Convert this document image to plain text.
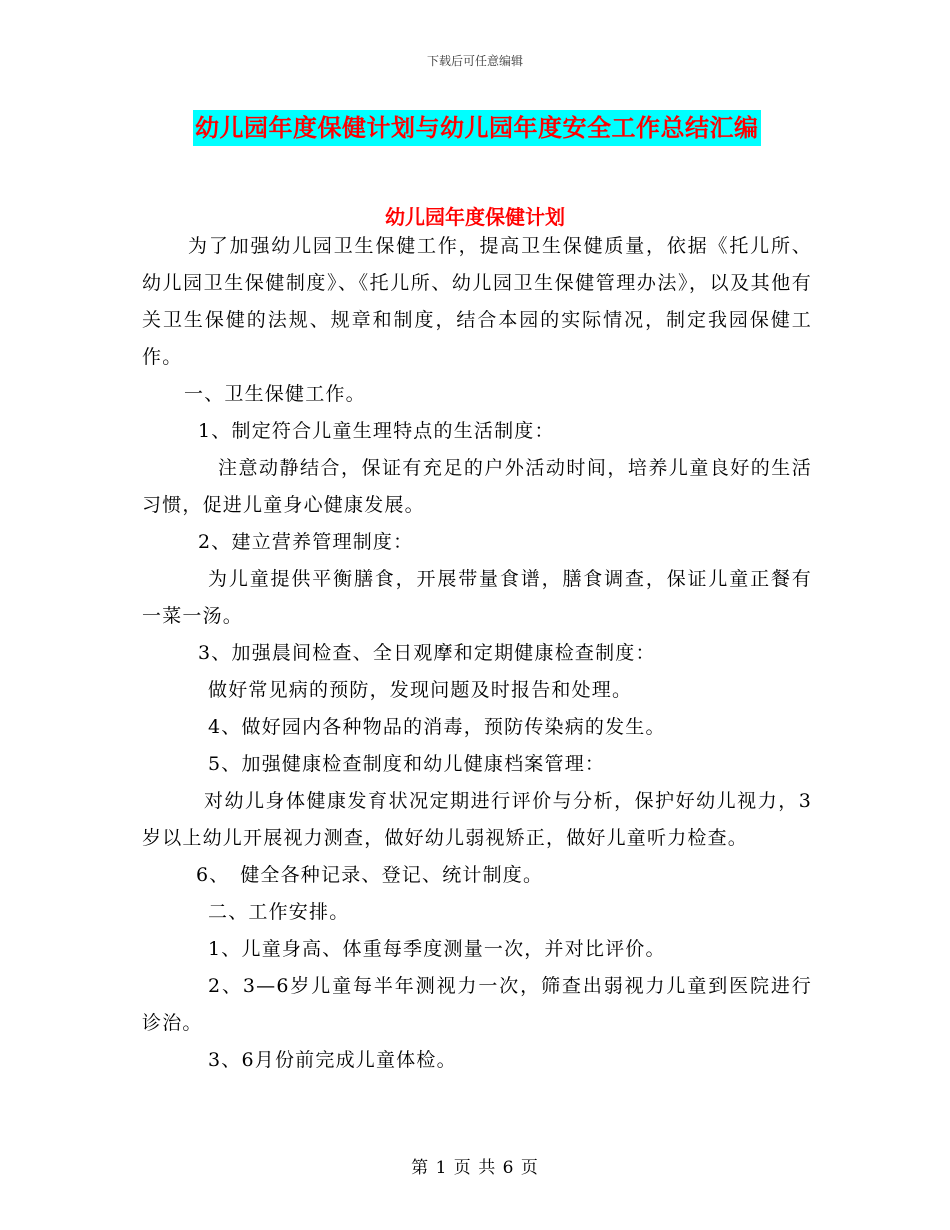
下载后可任意编辑
幼儿园年度保健计划与幼儿园年度安全工作总结汇编
幼儿园年度保健计划

为了加强幼儿园卫生保健工作，提高卫生保健质量，依据《托儿所、幼儿园卫生保健制度》、《托儿所、幼儿园卫生保健管理办法》，以及其他有关卫生保健的法规、规章和制度，结合本园的实际情况，制定我园保健工作。

一、卫生保健工作。

1、制定符合儿童生理特点的生活制度：

注意动静结合，保证有充足的户外活动时间，培养儿童良好的生活习惯，促进儿童身心健康发展。

2、建立营养管理制度：

为儿童提供平衡膳食，开展带量食谱，膳食调查，保证儿童正餐有一菜一汤。

3、加强晨间检查、全日观摩和定期健康检查制度：

做好常见病的预防，发现问题及时报告和处理。

4、做好园内各种物品的消毒，预防传染病的发生。

5、加强健康检查制度和幼儿健康档案管理：

对幼儿身体健康发育状况定期进行评价与分析，保护好幼儿视力，3岁以上幼儿开展视力测查，做好幼儿弱视矫正，做好儿童听力检查。

6、　健全各种记录、登记、统计制度。

二、工作安排。

1、儿童身高、体重每季度测量一次，并对比评价。

2、3—6岁儿童每半年测视力一次，筛查出弱视力儿童到医院进行诊治。

3、6月份前完成儿童体检。

第 1 页 共 6 页
